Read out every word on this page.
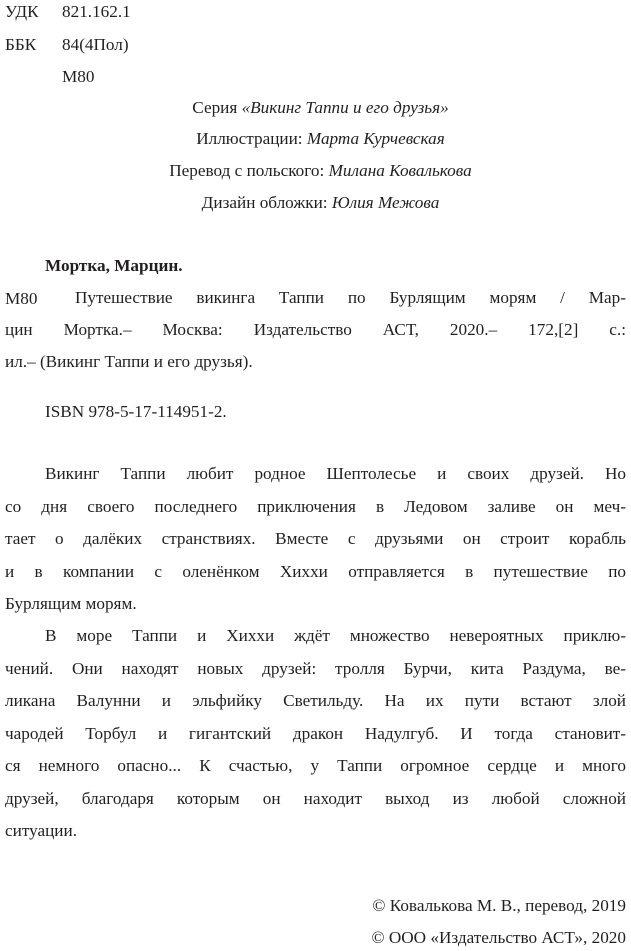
УДК 821.162.1
ББК 84(4Пол)
М80
Серия «Викинг Таппи и его друзья»
Иллюстрации: Марта Курчевская
Перевод с польского: Милана Ковалькова
Дизайн обложки: Юлия Межова
Мортка, Марцин.
М80	Путешествие викинга Таппи по Бурлящим морям / Мар-
цин Мортка.– Москва: Издательство АСТ, 2020.– 172,[2] с.:
ил.– (Викинг Таппи и его друзья).
ISBN 978-5-17-114951-2.
Викинг Таппи любит родное Шептолесье и своих друзей. Но
со дня своего последнего приключения в Ледовом заливе он меч-
тает о далёких странствиях. Вместе с друзьями он строит корабль
и в компании с оленёнком Хиххи отправляется в путешествие по
Бурлящим морям.
В море Таппи и Хиххи ждёт множество невероятных приклю-
чений. Они находят новых друзей: тролля Бурчи, кита Раздума, ве-
ликана Валунни и эльфийку Светильду. На их пути встают злой
чародей Торбул и гигантский дракон Надулгуб. И тогда становит-
ся немного опасно... К счастью, у Таппи огромное сердце и много
друзей, благодаря которым он находит выход из любой сложной
ситуации.
© Ковалькова М. В., перевод, 2019
© ООО «Издательство АСТ», 2020
